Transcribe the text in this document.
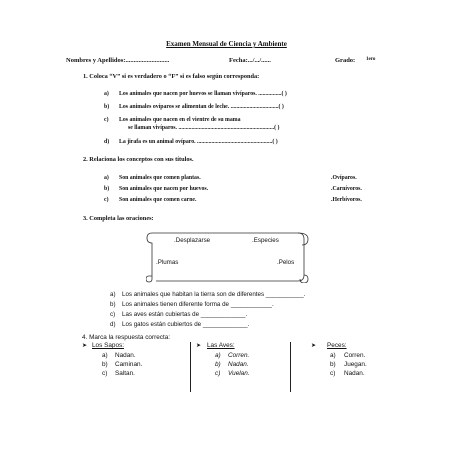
Examen Mensual de Ciencia y Ambiente
Nombres y Apellidos:...........................	Fecha:.../.../......	Grado: $^{1ero}$
1. Coloca “V” si es verdadero o “F” si es falso según corresponda:
a) Los animales que nacen por huevos se llaman vivíparos. ................( )
b) Los animales ovíparos se alimentan de leche. .................................( )
c) Los animales que nacen en el vientre de su mama
se llaman vivíparos. ..................................................................( )
d) La jirafa es un animal ovíparo. ....................................................( )
2. Relaciona los conceptos con sus títulos.
a) Son animales que comen plantas.	.Ovíparos.
b) Son animales que nacen por huevos.	.Carnívoros.
c) Son animales que comen carne.	.Herbívoros.
3. Completa las oraciones:
.Desplazarse	.Especies
.Plumas	.Pelos
a) Los animales que habitan la tierra son de diferentes ___________.
b) Los animales tienen diferente forma de ____________.
c) Las aves están cubiertas de _____________.
d) Los gatos están cubiertos de _____________.
4. Marca la respuesta correcta:
➤ Los Sapos:
a) Nadan.
b) Caminan.
c) Saltan.
➤ Las Aves:
a) Corren.
b) Nadan.
c) Vuelan.
➤ Peces:
a) Corren.
b) Juegan.
c) Nadan.
